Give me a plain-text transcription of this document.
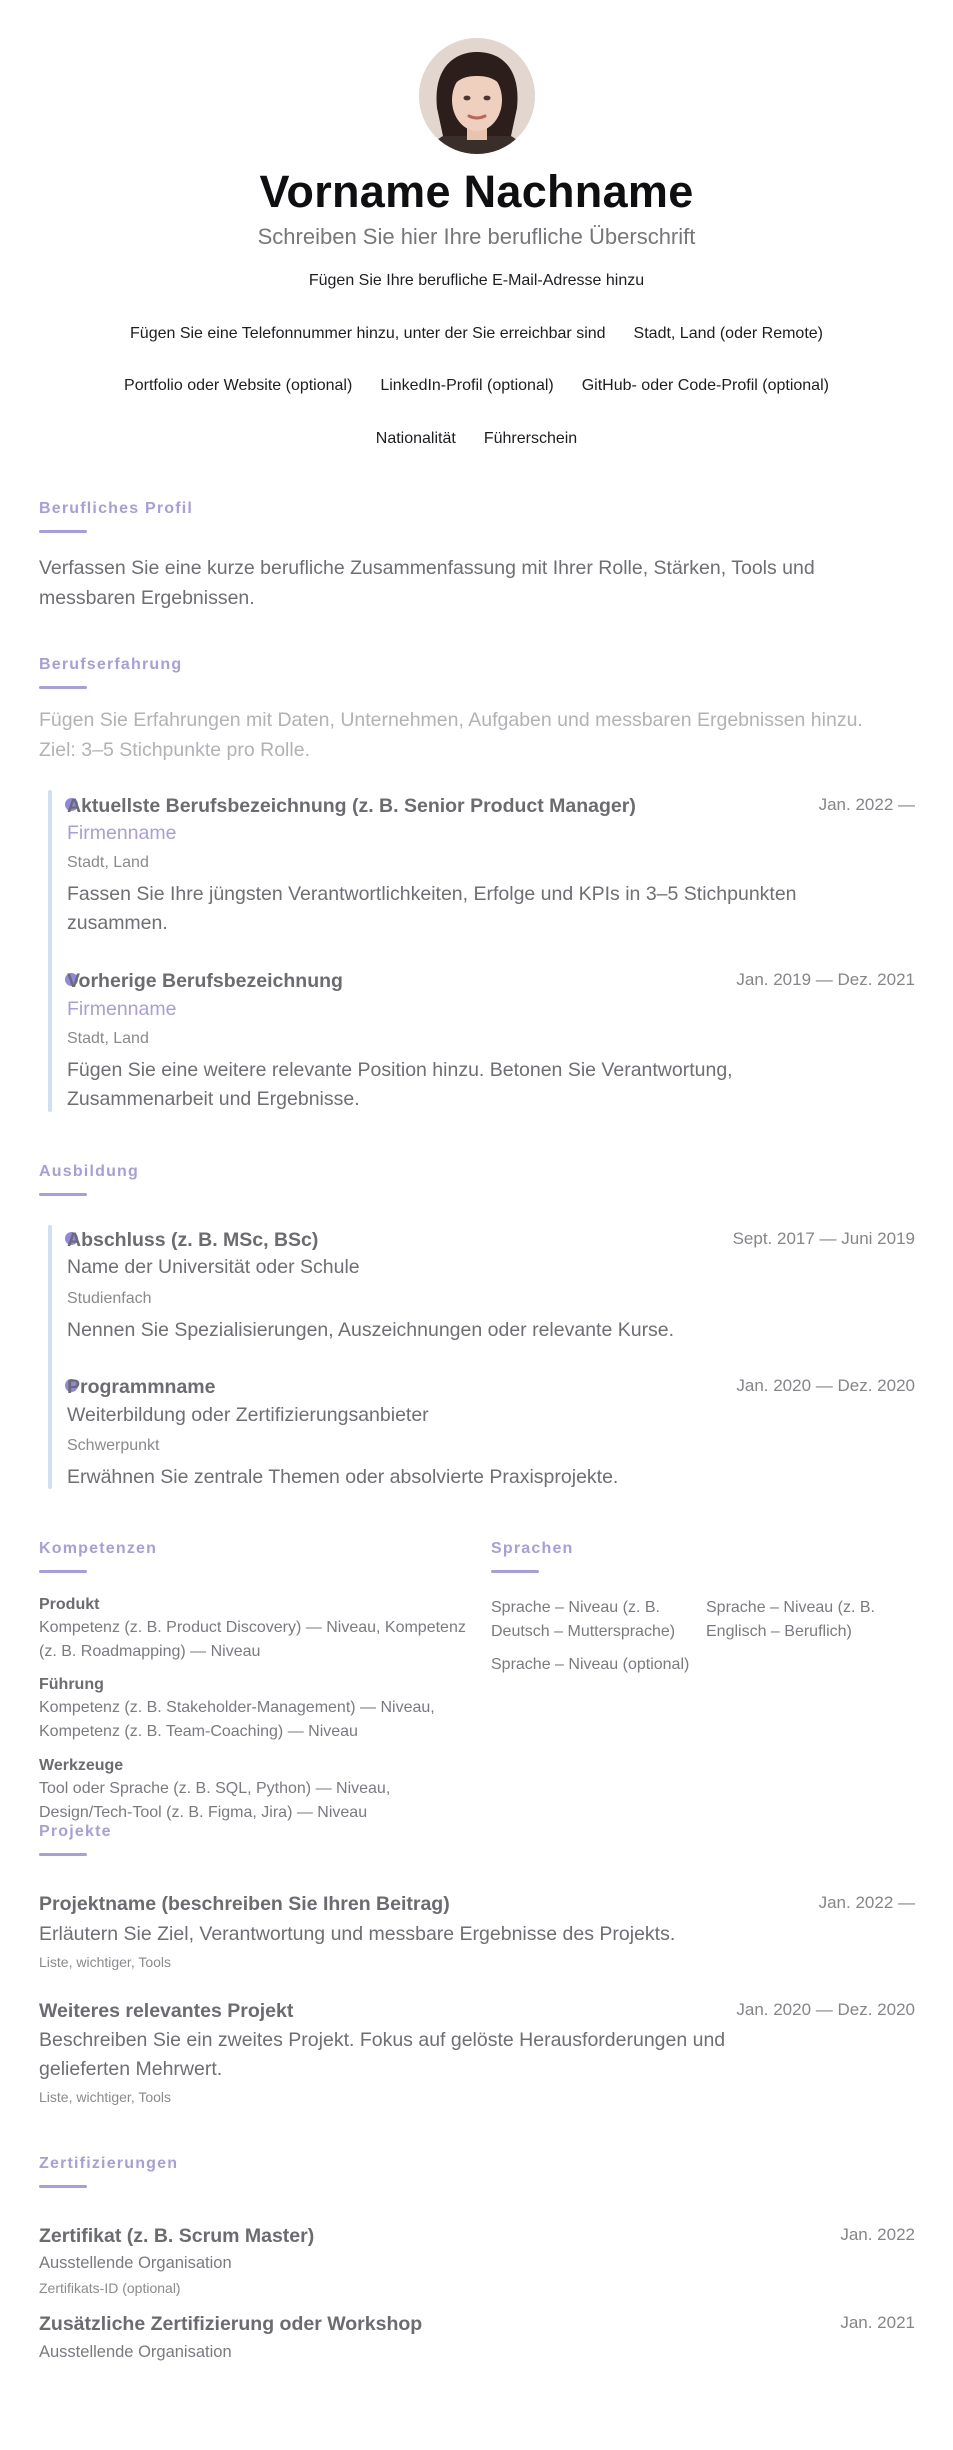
Vorname Nachname
Schreiben Sie hier Ihre berufliche Überschrift
Fügen Sie Ihre berufliche E-Mail-Adresse hinzu
Fügen Sie eine Telefonnummer hinzu, unter der Sie erreichbar sind Stadt, Land (oder Remote)
Portfolio oder Website (optional) LinkedIn-Profil (optional) GitHub- oder Code-Profil (optional)
Nationalität Führerschein
Berufliches Profil
Verfassen Sie eine kurze berufliche Zusammenfassung mit Ihrer Rolle, Stärken, Tools und messbaren Ergebnissen.
Berufserfahrung
Fügen Sie Erfahrungen mit Daten, Unternehmen, Aufgaben und messbaren Ergebnissen hinzu. Ziel: 3–5 Stichpunkte pro Rolle.
Aktuellste Berufsbezeichnung (z. B. Senior Product Manager)	Jan. 2022 —
Firmenname
Stadt, Land
Fassen Sie Ihre jüngsten Verantwortlichkeiten, Erfolge und KPIs in 3–5 Stichpunkten zusammen.
Vorherige Berufsbezeichnung	Jan. 2019 — Dez. 2021
Firmenname
Stadt, Land
Fügen Sie eine weitere relevante Position hinzu. Betonen Sie Verantwortung, Zusammenarbeit und Ergebnisse.
Ausbildung
Abschluss (z. B. MSc, BSc)	Sept. 2017 — Juni 2019
Name der Universität oder Schule
Studienfach
Nennen Sie Spezialisierungen, Auszeichnungen oder relevante Kurse.
Programmname	Jan. 2020 — Dez. 2020
Weiterbildung oder Zertifizierungsanbieter
Schwerpunkt
Erwähnen Sie zentrale Themen oder absolvierte Praxisprojekte.
Kompetenzen
Produkt
Kompetenz (z. B. Product Discovery) — Niveau, Kompetenz (z. B. Roadmapping) — Niveau
Führung
Kompetenz (z. B. Stakeholder-Management) — Niveau, Kompetenz (z. B. Team-Coaching) — Niveau
Werkzeuge
Tool oder Sprache (z. B. SQL, Python) — Niveau, Design/Tech-Tool (z. B. Figma, Jira) — Niveau
Sprachen
Sprache – Niveau (z. B. Deutsch – Muttersprache)
Sprache – Niveau (z. B. Englisch – Beruflich)
Sprache – Niveau (optional)
Projekte
Projektname (beschreiben Sie Ihren Beitrag)	Jan. 2022 —
Erläutern Sie Ziel, Verantwortung und messbare Ergebnisse des Projekts.
Liste, wichtiger, Tools
Weiteres relevantes Projekt	Jan. 2020 — Dez. 2020
Beschreiben Sie ein zweites Projekt. Fokus auf gelöste Herausforderungen und gelieferten Mehrwert.
Liste, wichtiger, Tools
Zertifizierungen
Zertifikat (z. B. Scrum Master)	Jan. 2022
Ausstellende Organisation
Zertifikats-ID (optional)
Zusätzliche Zertifizierung oder Workshop	Jan. 2021
Ausstellende Organisation
